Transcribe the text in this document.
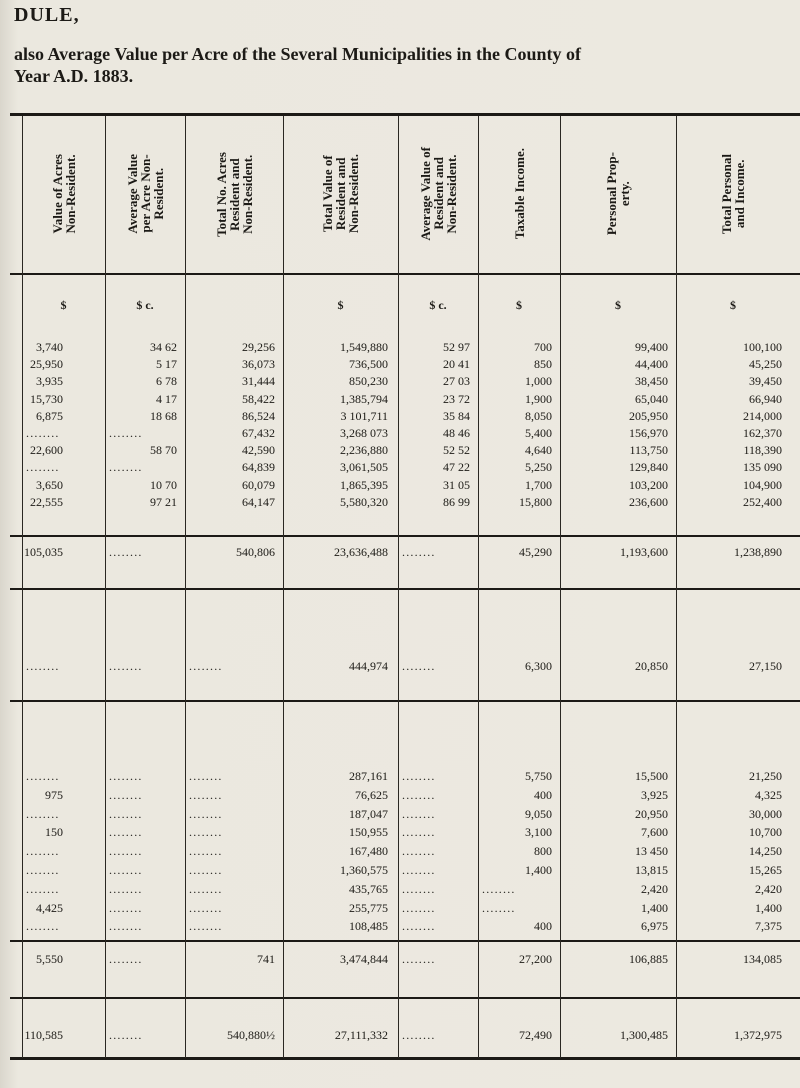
DULE,
also Average Value per Acre of the Several Municipalities in the County of
Year A.D. 1883.
Value of Acres
Non-Resident.
$
Average Value
per Acre Non-
Resident.
$ c.
Total No. Acres
Resident and
Non-Resident.	Total Value of
Resident and
Non-Resident.
$
Average Value of
Resident and
Non-Resident.
$ c.
Taxable Income.
$
Personal Prop-
erty.
$
Total Personal
and Income.
$
3,740	34 62	29,256	1,549,880	52 97	700	99,400	100,100
25,950	5 17	36,073	736,500	20 41	850	44,400	45,250
3,935	6 78	31,444	850,230	27 03	1,000	38,450	39,450
15,730	4 17	58,422	1,385,794	23 72	1,900	65,040	66,940
6,875	18 68	86,524	3 101,711	35 84	8,050	205,950	214,000
........	........	67,432	3,268 073	48 46	5,400	156,970	162,370
22,600	58 70	42,590	2,236,880	52 52	4,640	113,750	118,390
........	........	64,839	3,061,505	47 22	5,250	129,840	135 090
3,650	10 70	60,079	1,865,395	31 05	1,700	103,200	104,900
22,555	97 21	64,147	5,580,320	86 99	15,800	236,600	252,400
105,035	........	540,806	23,636,488 ........	45,290	1,193,600	1,238,890
........	........	........	444,974 ........	6,300	20,850	27,150
........	........	........	287,161 ........	5,750	15,500	21,250
975	........	........	76,625 ........	400	3,925	4,325
........	........	........	187,047 ........	9,050	20,950	30,000
150	........	........	150,955 ........	3,100	7,600	10,700
........	........	........	167,480 ........	800	13 450	14,250
........	........	........	1,360,575 ........	1,400	13,815	15,265
........	........	........	435,765 ........	........	2,420	2,420
4,425	........	........	255,775 ........	........	1,400	1,400
........	........	........	108,485 ........	400	6,975	7,375
5,550	........	741	3,474,844 ........	27,200	106,885	134,085
110,585	........	540,880½	27,111,332 ........	72,490	1,300,485	1,372,975
